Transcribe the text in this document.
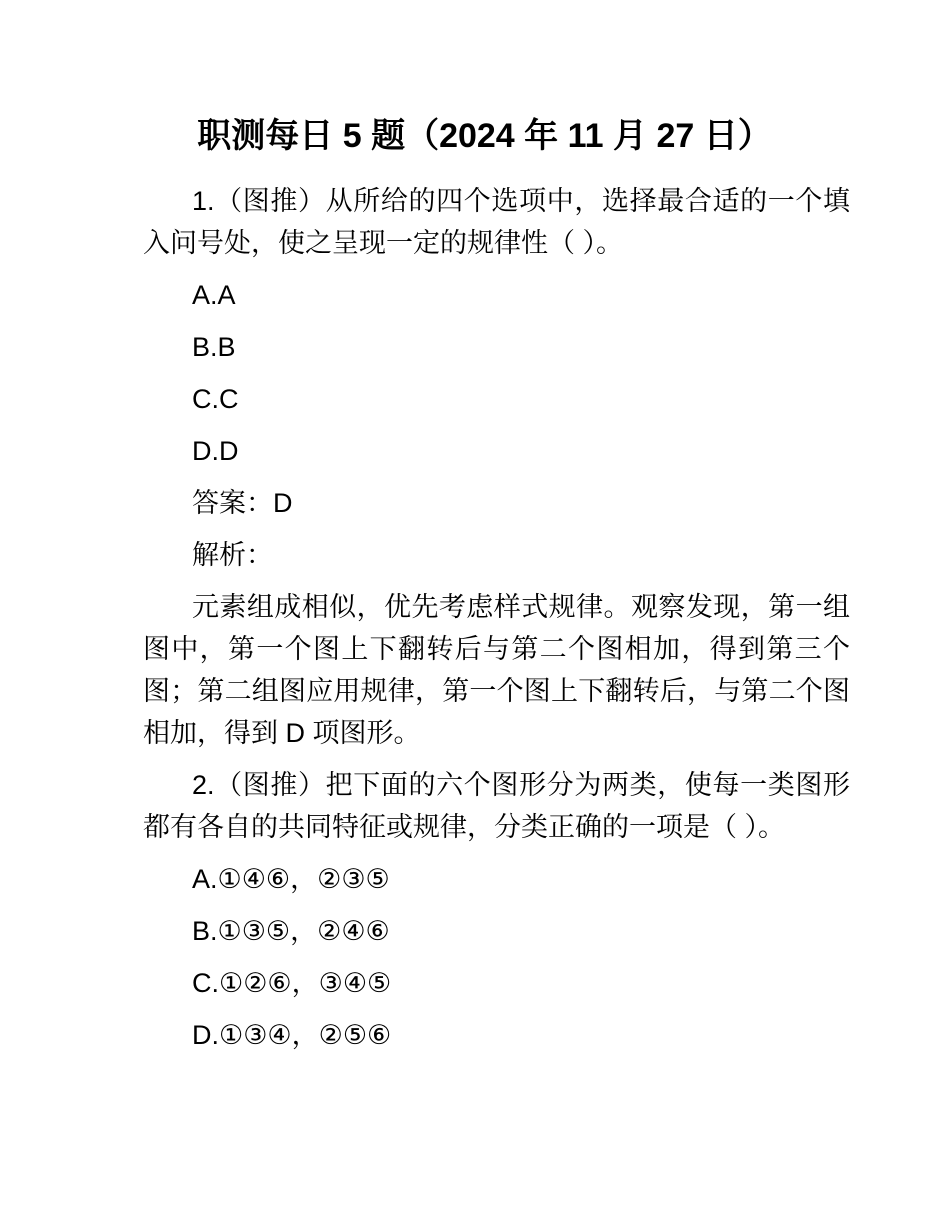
职测每日 5 题（2024 年 11 月 27 日）

1.（图推）从所给的四个选项中，选择最合适的一个填入问号处，使之呈现一定的规律性（ ）。

A.A

B.B

C.C

D.D

答案：D

解析：

元素组成相似，优先考虑样式规律。观察发现，第一组图中，第一个图上下翻转后与第二个图相加，得到第三个图；第二组图应用规律，第一个图上下翻转后，与第二个图相加，得到 D 项图形。

2.（图推）把下面的六个图形分为两类，使每一类图形都有各自的共同特征或规律，分类正确的一项是（ ）。

A.①④⑥，②③⑤

B.①③⑤，②④⑥

C.①②⑥，③④⑤

D.①③④，②⑤⑥
